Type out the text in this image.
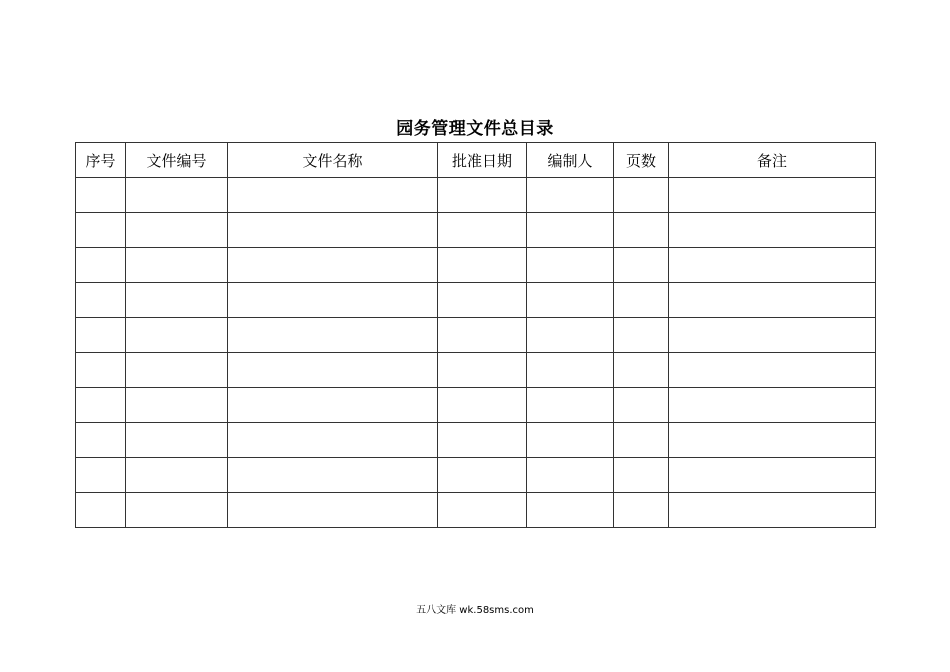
园务管理文件总目录
序号	文件编号	文件名称	批准日期	编制人	页数	备注

五八文库 wk.58sms.com
